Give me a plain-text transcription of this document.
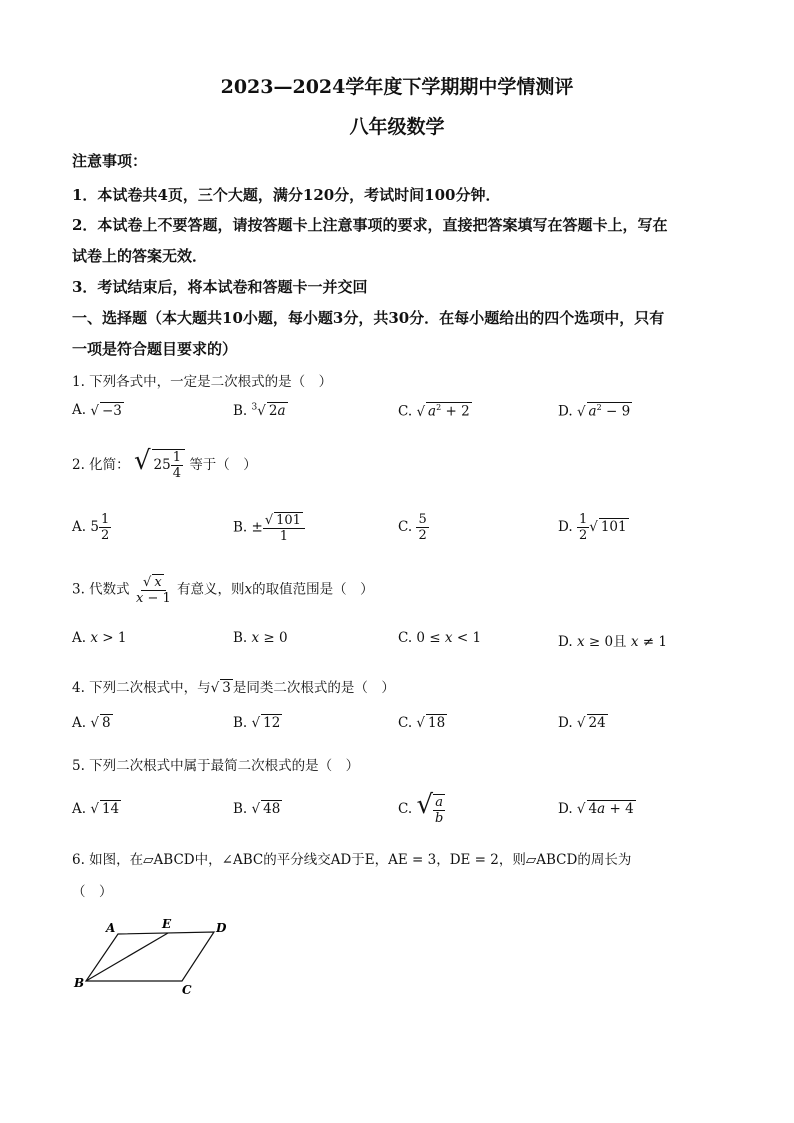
2023—2024学年度下学期期中学情测评
八年级数学
注意事项：
1．本试卷共4页，三个大题，满分120分，考试时间100分钟．
2．本试卷上不要答题，请按答题卡上注意事项的要求，直接把答案填写在答题卡上，写在
试卷上的答案无效．
3．考试结束后，将本试卷和答题卡一并交回
一、选择题（本大题共10小题，每小题3分，共30分．在每小题给出的四个选项中，只有
一项是符合题目要求的）
1. 下列各式中，一定是二次根式的是（　）
A. √ −3	B. $^3$√ 2a	C. √ $a^2 + 2$	D. √ $a^2 - 9$
2. 化简： √ $25 \frac{1}{4}$ 等于（　）
A. $5 \frac{1}{2}$	B. ± $\frac{√ 101}{1}$	C. $\frac{5}{2}$	D. $\frac{1}{2}$ √ 101
3. 代数式 $\frac{√ x}{x - 1}$ 有意义，则x的取值范围是（　）
A. x > 1	B. x ≥ 0	C. 0 ≤ x < 1	D. x ≥ 0且 x ≠ 1
4. 下列二次根式中，与√ 3 是同类二次根式的是（　）
A. √ 8	B. √ 12	C. √ 18	D. √ 24
5. 下列二次根式中属于最简二次根式的是（　）
A. √ 14	B. √ 48	C. √ $\frac{a}{b}$	D. √ 4a + 4
6. 如图，在▱ABCD中，∠ABC的平分线交AD于E，AE = 3，DE = 2，则▱ABCD的周长为
（　）
A	E	D
B	C
